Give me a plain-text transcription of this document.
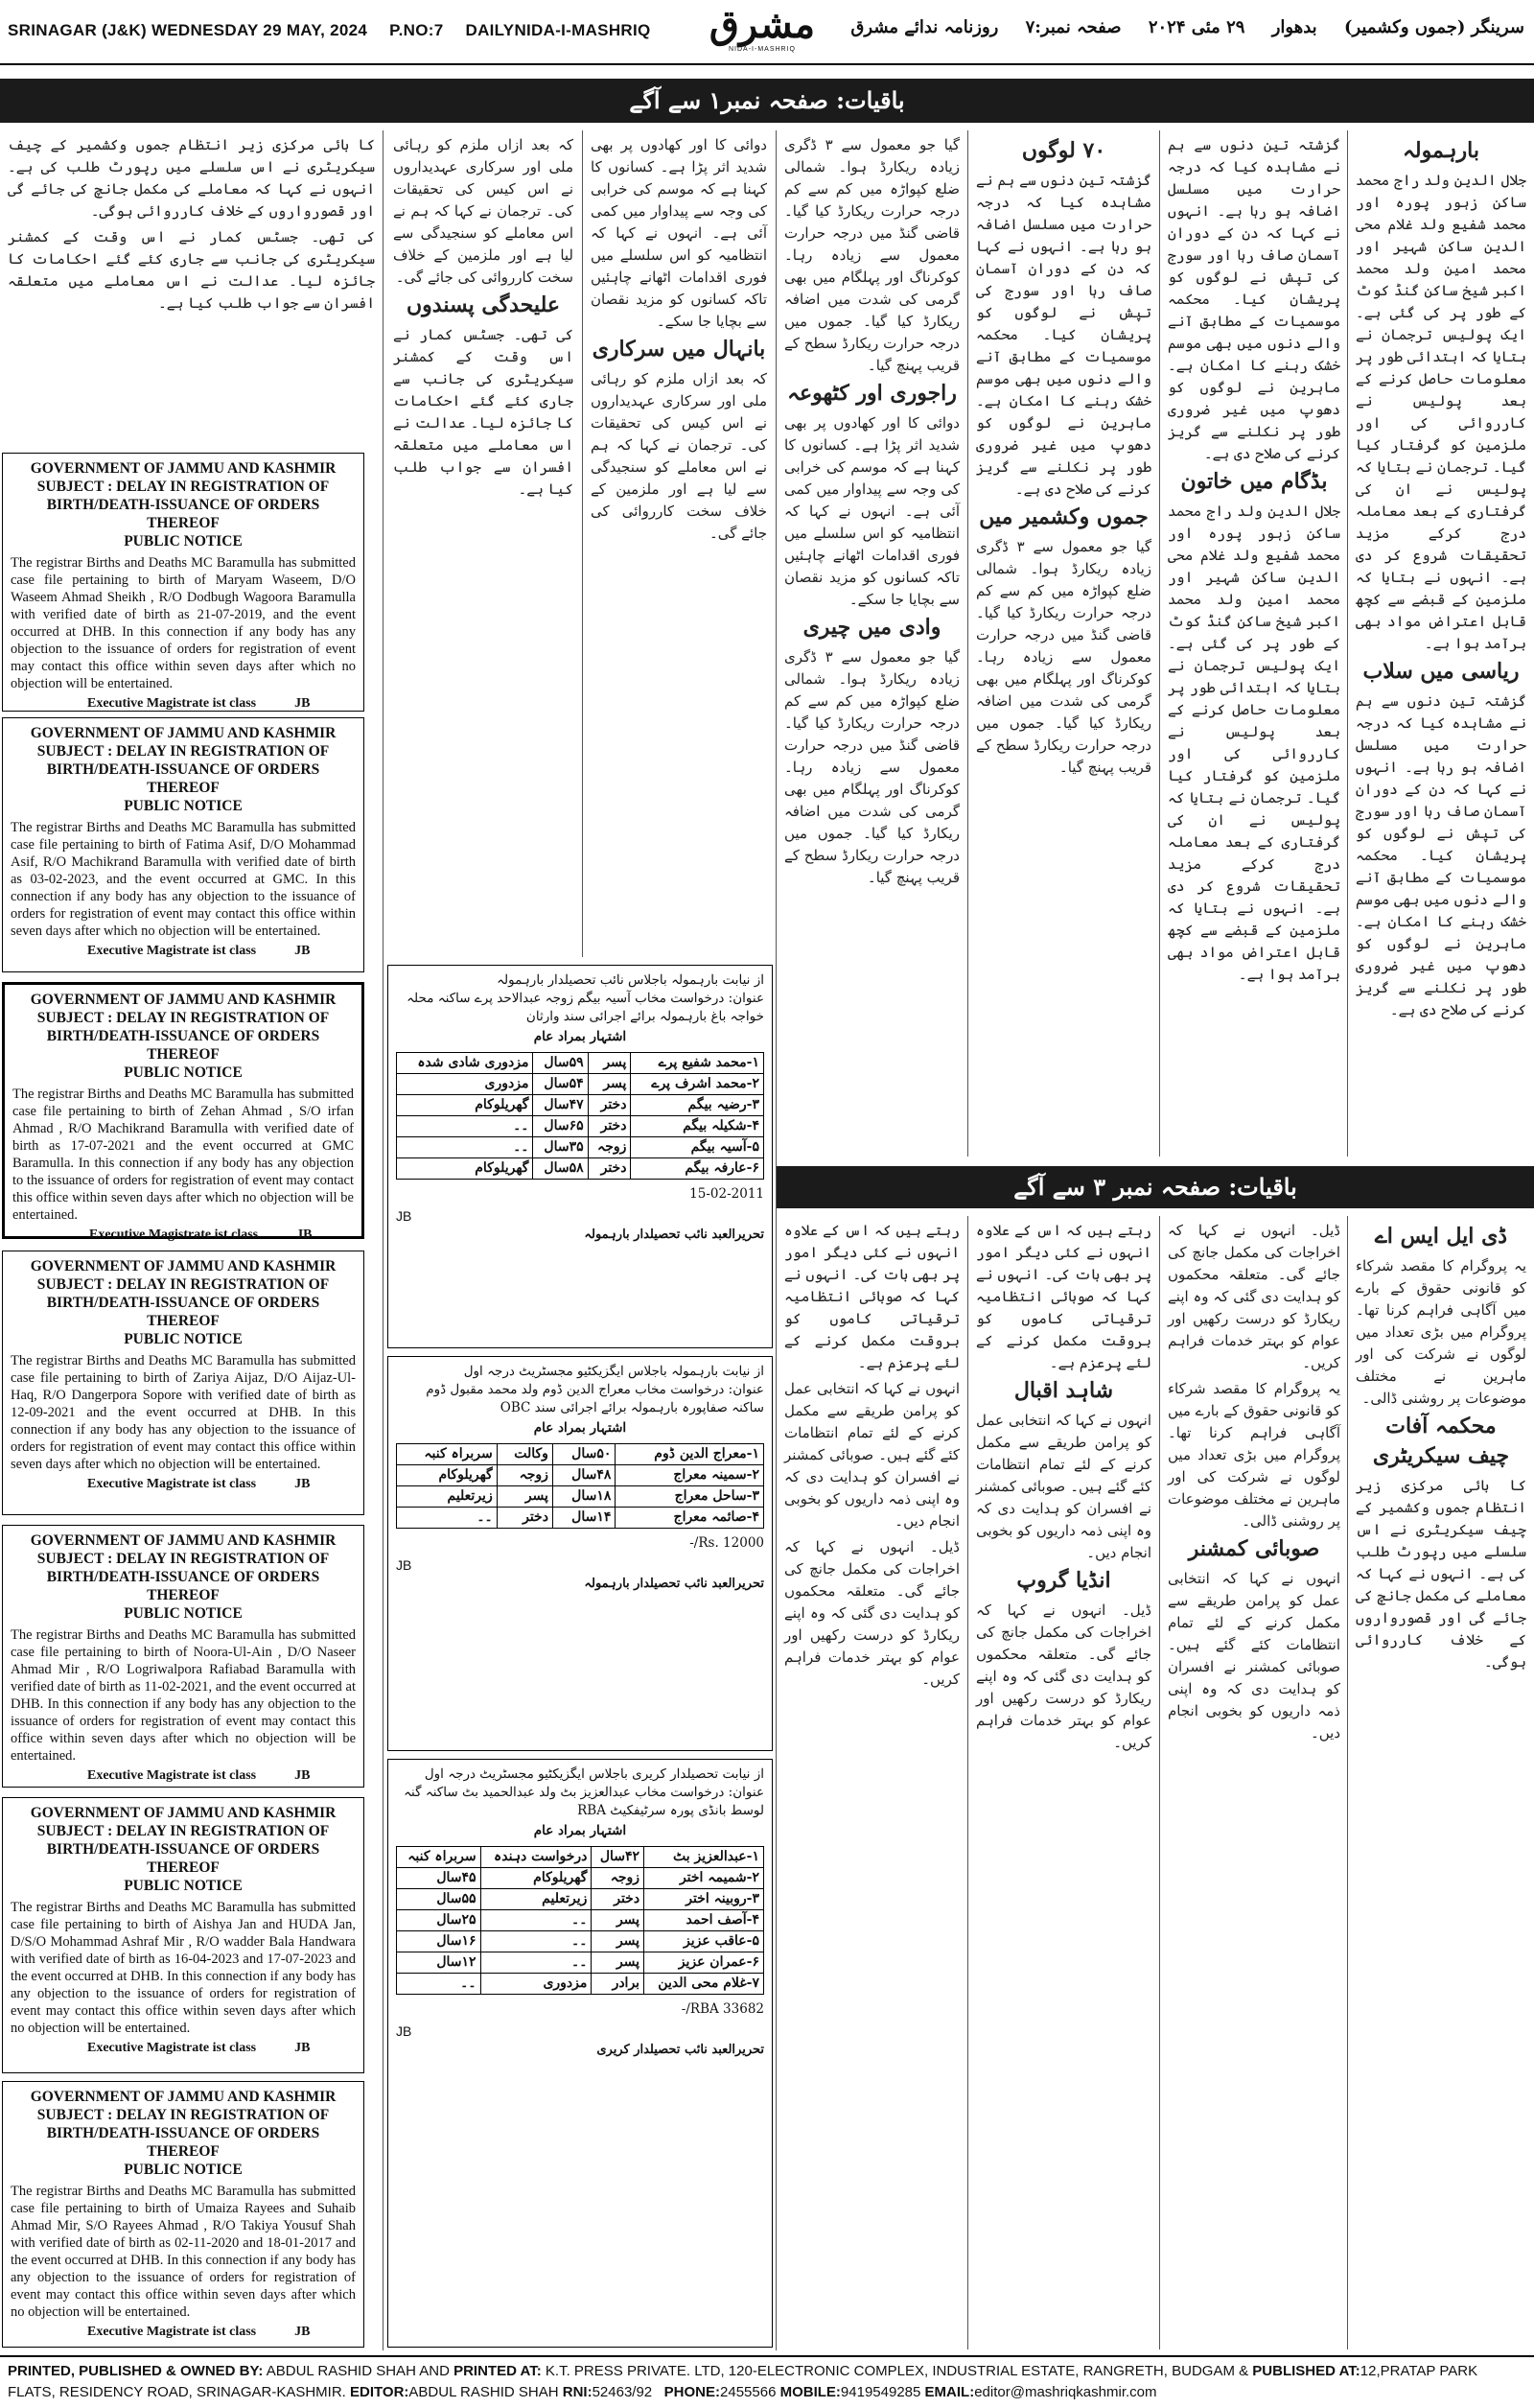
SRINAGAR (J&K) WEDNESDAY 29 MAY, 2024 P.NO:7 DAILYNIDA-I-MASHRIQ	مشرق
NIDA-I-MASHRIQ
سرینگر (جموں وکشمیر) بدھوار ۲۹ مئی ۲۰۲۴ صفحہ نمبر:۷ روزنامہ ندائے مشرق
باقیات: صفحہ نمبر۱ سے آگے
بارہمولہ

جلال الدین ولد راج محمد ساکن زہور پورہ اور محمد شفیع ولد غلام محی الدین ساکن شہیر اور محمد امین ولد محمد اکبر شیخ ساکن گنڈ کوٹ کے طور پر کی گئی ہے۔ ایک پولیس ترجمان نے بتایا کہ ابتدائی طور پر معلومات حاصل کرنے کے بعد پولیس نے کارروائی کی اور ملزمین کو گرفتار کیا گیا۔ ترجمان نے بتایا کہ پولیس نے ان کی گرفتاری کے بعد معاملہ درج کرکے مزید تحقیقات شروع کر دی ہے۔ انہوں نے بتایا کہ ملزمین کے قبضے سے کچھ قابل اعتراض مواد بھی برآمد ہوا ہے۔

ریاسی میں سلاب

گزشتہ تین دنوں سے ہم نے مشاہدہ کیا کہ درجہ حرارت میں مسلسل اضافہ ہو رہا ہے۔ انہوں نے کہا کہ دن کے دوران آسمان صاف رہا اور سورج کی تپش نے لوگوں کو پریشان کیا۔ محکمہ موسمیات کے مطابق آنے والے دنوں میں بھی موسم خشک رہنے کا امکان ہے۔ ماہرین نے لوگوں کو دھوپ میں غیر ضروری طور پر نکلنے سے گریز کرنے کی صلاح دی ہے۔

گزشتہ تین دنوں سے ہم نے مشاہدہ کیا کہ درجہ حرارت میں مسلسل اضافہ ہو رہا ہے۔ انہوں نے کہا کہ دن کے دوران آسمان صاف رہا اور سورج کی تپش نے لوگوں کو پریشان کیا۔ محکمہ موسمیات کے مطابق آنے والے دنوں میں بھی موسم خشک رہنے کا امکان ہے۔ ماہرین نے لوگوں کو دھوپ میں غیر ضروری طور پر نکلنے سے گریز کرنے کی صلاح دی ہے۔

بڈگام میں خاتون

جلال الدین ولد راج محمد ساکن زہور پورہ اور محمد شفیع ولد غلام محی الدین ساکن شہیر اور محمد امین ولد محمد اکبر شیخ ساکن گنڈ کوٹ کے طور پر کی گئی ہے۔ ایک پولیس ترجمان نے بتایا کہ ابتدائی طور پر معلومات حاصل کرنے کے بعد پولیس نے کارروائی کی اور ملزمین کو گرفتار کیا گیا۔ ترجمان نے بتایا کہ پولیس نے ان کی گرفتاری کے بعد معاملہ درج کرکے مزید تحقیقات شروع کر دی ہے۔ انہوں نے بتایا کہ ملزمین کے قبضے سے کچھ قابل اعتراض مواد بھی برآمد ہوا ہے۔

۷۰ لوگوں

گزشتہ تین دنوں سے ہم نے مشاہدہ کیا کہ درجہ حرارت میں مسلسل اضافہ ہو رہا ہے۔ انہوں نے کہا کہ دن کے دوران آسمان صاف رہا اور سورج کی تپش نے لوگوں کو پریشان کیا۔ محکمہ موسمیات کے مطابق آنے والے دنوں میں بھی موسم خشک رہنے کا امکان ہے۔ ماہرین نے لوگوں کو دھوپ میں غیر ضروری طور پر نکلنے سے گریز کرنے کی صلاح دی ہے۔

جموں وکشمیر میں

گیا جو معمول سے ۳ ڈگری زیادہ ریکارڈ ہوا۔ شمالی ضلع کپواڑہ میں کم سے کم درجہ حرارت ریکارڈ کیا گیا۔ قاضی گنڈ میں درجہ حرارت معمول سے زیادہ رہا۔ کوکرناگ اور پہلگام میں بھی گرمی کی شدت میں اضافہ ریکارڈ کیا گیا۔ جموں میں درجہ حرارت ریکارڈ سطح کے قریب پہنچ گیا۔

گیا جو معمول سے ۳ ڈگری زیادہ ریکارڈ ہوا۔ شمالی ضلع کپواڑہ میں کم سے کم درجہ حرارت ریکارڈ کیا گیا۔ قاضی گنڈ میں درجہ حرارت معمول سے زیادہ رہا۔ کوکرناگ اور پہلگام میں بھی گرمی کی شدت میں اضافہ ریکارڈ کیا گیا۔ جموں میں درجہ حرارت ریکارڈ سطح کے قریب پہنچ گیا۔

راجوری اور کٹھوعہ

دوائی کا اور کھادوں پر بھی شدید اثر پڑا ہے۔ کسانوں کا کہنا ہے کہ موسم کی خرابی کی وجہ سے پیداوار میں کمی آئی ہے۔ انہوں نے کہا کہ انتظامیہ کو اس سلسلے میں فوری اقدامات اٹھانے چاہئیں تاکہ کسانوں کو مزید نقصان سے بچایا جا سکے۔

وادی میں چیری

گیا جو معمول سے ۳ ڈگری زیادہ ریکارڈ ہوا۔ شمالی ضلع کپواڑہ میں کم سے کم درجہ حرارت ریکارڈ کیا گیا۔ قاضی گنڈ میں درجہ حرارت معمول سے زیادہ رہا۔ کوکرناگ اور پہلگام میں بھی گرمی کی شدت میں اضافہ ریکارڈ کیا گیا۔ جموں میں درجہ حرارت ریکارڈ سطح کے قریب پہنچ گیا۔

دوائی کا اور کھادوں پر بھی شدید اثر پڑا ہے۔ کسانوں کا کہنا ہے کہ موسم کی خرابی کی وجہ سے پیداوار میں کمی آئی ہے۔ انہوں نے کہا کہ انتظامیہ کو اس سلسلے میں فوری اقدامات اٹھانے چاہئیں تاکہ کسانوں کو مزید نقصان سے بچایا جا سکے۔

بانہال میں سرکاری

کہ بعد ازاں ملزم کو رہائی ملی اور سرکاری عہدیداروں نے اس کیس کی تحقیقات کی۔ ترجمان نے کہا کہ ہم نے اس معاملے کو سنجیدگی سے لیا ہے اور ملزمین کے خلاف سخت کارروائی کی جائے گی۔

کہ بعد ازاں ملزم کو رہائی ملی اور سرکاری عہدیداروں نے اس کیس کی تحقیقات کی۔ ترجمان نے کہا کہ ہم نے اس معاملے کو سنجیدگی سے لیا ہے اور ملزمین کے خلاف سخت کارروائی کی جائے گی۔

علیحدگی پسندوں

کی تھی۔ جسٹس کمار نے اس وقت کے کمشنر سیکریٹری کی جانب سے جاری کئے گئے احکامات کا جائزہ لیا۔ عدالت نے اس معاملے میں متعلقہ افسران سے جواب طلب کیا ہے۔

کا بائی مرکزی زیر انتظام جموں وکشمیر کے چیف سیکریٹری نے اس سلسلے میں رپورٹ طلب کی ہے۔ انہوں نے کہا کہ معاملے کی مکمل جانچ کی جائے گی اور قصورواروں کے خلاف کارروائی ہوگی۔

کی تھی۔ جسٹس کمار نے اس وقت کے کمشنر سیکریٹری کی جانب سے جاری کئے گئے احکامات کا جائزہ لیا۔ عدالت نے اس معاملے میں متعلقہ افسران سے جواب طلب کیا ہے۔

GOVERNMENT OF JAMMU AND KASHMIR
SUBJECT : DELAY IN REGISTRATION OF BIRTH/DEATH-ISSUANCE OF ORDERS THEREOF
PUBLIC NOTICE
The registrar Births and Deaths MC Baramulla has submitted case file pertaining to birth of Maryam Waseem, D/O Waseem Ahmad Sheikh , R/O Dodbugh Wagoora Baramulla with verified date of birth as 21-07-2019, and the event occurred at DHB. In this connection if any body has any objection to the issuance of orders for registration of event may contact this office within seven days after which no objection will be entertained.
Executive Magistrate ist class	JB
GOVERNMENT OF JAMMU AND KASHMIR
SUBJECT : DELAY IN REGISTRATION OF BIRTH/DEATH-ISSUANCE OF ORDERS THEREOF
PUBLIC NOTICE
The registrar Births and Deaths MC Baramulla has submitted case file pertaining to birth of Fatima Asif, D/O Mohammad Asif, R/O Machikrand Baramulla with verified date of birth as 03-02-2023, and the event occurred at GMC. In this connection if any body has any objection to the issuance of orders for registration of event may contact this office within seven days after which no objection will be entertained.
Executive Magistrate ist class	JB
GOVERNMENT OF JAMMU AND KASHMIR
SUBJECT : DELAY IN REGISTRATION OF BIRTH/DEATH-ISSUANCE OF ORDERS THEREOF
PUBLIC NOTICE
The registrar Births and Deaths MC Baramulla has submitted case file pertaining to birth of Zehan Ahmad , S/O irfan Ahmad , R/O Machikrand Baramulla with verified date of birth as 17-07-2021 and the event occurred at GMC Baramulla. In this connection if any body has any objection to the issuance of orders for registration of event may contact this office within seven days after which no objection will be entertained.
Executive Magistrate ist class	JB
GOVERNMENT OF JAMMU AND KASHMIR
SUBJECT : DELAY IN REGISTRATION OF BIRTH/DEATH-ISSUANCE OF ORDERS THEREOF
PUBLIC NOTICE
The registrar Births and Deaths MC Baramulla has submitted case file pertaining to birth of Zariya Aijaz, D/O Aijaz-Ul-Haq, R/O Dangerpora Sopore with verified date of birth as 12-09-2021 and the event occurred at DHB. In this connection if any body has any objection to the issuance of orders for registration of event may contact this office within seven days after which no objection will be entertained.
Executive Magistrate ist class	JB
GOVERNMENT OF JAMMU AND KASHMIR
SUBJECT : DELAY IN REGISTRATION OF BIRTH/DEATH-ISSUANCE OF ORDERS THEREOF
PUBLIC NOTICE
The registrar Births and Deaths MC Baramulla has submitted case file pertaining to birth of Noora-Ul-Ain , D/O Naseer Ahmad Mir , R/O Logriwalpora Rafiabad Baramulla with verified date of birth as 11-02-2021, and the event occurred at DHB. In this connection if any body has any objection to the issuance of orders for registration of event may contact this office within seven days after which no objection will be entertained.
Executive Magistrate ist class	JB
GOVERNMENT OF JAMMU AND KASHMIR
SUBJECT : DELAY IN REGISTRATION OF BIRTH/DEATH-ISSUANCE OF ORDERS THEREOF
PUBLIC NOTICE
The registrar Births and Deaths MC Baramulla has submitted case file pertaining to birth of Aishya Jan and HUDA Jan, D/S/O Mohammad Ashraf Mir , R/O wadder Bala Handwara with verified date of birth as 16-04-2023 and 17-07-2023 and the event occurred at DHB. In this connection if any body has any objection to the issuance of orders for registration of event may contact this office within seven days after which no objection will be entertained.
Executive Magistrate ist class	JB
GOVERNMENT OF JAMMU AND KASHMIR
SUBJECT : DELAY IN REGISTRATION OF BIRTH/DEATH-ISSUANCE OF ORDERS THEREOF
PUBLIC NOTICE
The registrar Births and Deaths MC Baramulla has submitted case file pertaining to birth of Umaiza Rayees and Suhaib Ahmad Mir, S/O Rayees Ahmad , R/O Takiya Yousuf Shah with verified date of birth as 02-11-2020 and 18-01-2017 and the event occurred at DHB. In this connection if any body has any objection to the issuance of orders for registration of event may contact this office within seven days after which no objection will be entertained.
Executive Magistrate ist class	JB
از نیابت بارہمولہ باجلاس نائب تحصیلدار بارہمولہ
عنوان: درخواست مخاب آسیہ بیگم زوجہ عبدالاحد پرے ساکنہ محلہ خواجہ باغ بارہمولہ برائے اجرائی سند وارثان
اشتہار بمراد عام
۱-محمد شفیع پرے	پسر	۵۹سال	مزدوری شادی شدہ
۲-محمد اشرف پرے	پسر	۵۴سال	مزدوری
۳-رضیہ بیگم	دختر	۴۷سال	گھریلوکام
۴-شکیلہ بیگم	دختر	۶۵سال	۔۔
۵-آسیہ بیگم	زوجہ	۳۵سال	۔۔
۶-عارفہ بیگم	دختر	۵۸سال	گھریلوکام
15-02-2011
JB
تحریرالعبد نائب تحصیلدار بارہمولہ
از نیابت بارہمولہ باجلاس ایگزیکٹیو مجسٹریٹ درجہ اول
عنوان: درخواست مخاب معراج الدین ڈوم ولد محمد مقبول ڈوم ساکنہ صفاپورہ بارہمولہ برائے اجرائی سند OBC
اشتہار بمراد عام
۱-معراج الدین ڈوم	۵۰سال	وکالت	سربراہ کنبہ
۲-سمینہ معراج	۴۸سال	زوجہ	گھریلوکام
۳-ساحل معراج	۱۸سال	پسر	زیرتعلیم
۴-صائمہ معراج	۱۴سال	دختر	۔۔
Rs. 12000/-
JB
تحریرالعبد نائب تحصیلدار بارہمولہ
از نیابت تحصیلدار کریری باجلاس ایگزیکٹیو مجسٹریٹ درجہ اول
عنوان: درخواست مخاب عبدالعزیز بٹ ولد عبدالحمید بٹ ساکنہ گنہ لوسط بانڈی پورہ سرٹیفکیٹ RBA
اشتہار بمراد عام
۱-عبدالعزیز بٹ	۴۲سال	درخواست دہندہ	سربراہ کنبہ
۲-شمیمہ اختر	زوجہ	گھریلوکام	۴۵سال
۳-روبینہ اختر	دختر	زیرتعلیم	۵۵سال
۴-آصف احمد	پسر	۔۔	۲۵سال
۵-عاقب عزیز	پسر	۔۔	۱۶سال
۶-عمران عزیز	پسر	۔۔	۱۲سال
۷-غلام محی الدین	برادر	مزدوری	۔۔
RBA 33682/-
JB
تحریرالعبد نائب تحصیلدار کریری
باقیات: صفحہ نمبر ۳ سے آگے
ڈی ایل ایس اے

یہ پروگرام کا مقصد شرکاء کو قانونی حقوق کے بارے میں آگاہی فراہم کرنا تھا۔ پروگرام میں بڑی تعداد میں لوگوں نے شرکت کی اور ماہرین نے مختلف موضوعات پر روشنی ڈالی۔

محکمہ آفات
چیف سیکریٹری

کا بائی مرکزی زیر انتظام جموں وکشمیر کے چیف سیکریٹری نے اس سلسلے میں رپورٹ طلب کی ہے۔ انہوں نے کہا کہ معاملے کی مکمل جانچ کی جائے گی اور قصورواروں کے خلاف کارروائی ہوگی۔

ڈیل۔ انہوں نے کہا کہ اخراجات کی مکمل جانچ کی جائے گی۔ متعلقہ محکموں کو ہدایت دی گئی کہ وہ اپنے ریکارڈ کو درست رکھیں اور عوام کو بہتر خدمات فراہم کریں۔

یہ پروگرام کا مقصد شرکاء کو قانونی حقوق کے بارے میں آگاہی فراہم کرنا تھا۔ پروگرام میں بڑی تعداد میں لوگوں نے شرکت کی اور ماہرین نے مختلف موضوعات پر روشنی ڈالی۔

صوبائی کمشنر

انہوں نے کہا کہ انتخابی عمل کو پرامن طریقے سے مکمل کرنے کے لئے تمام انتظامات کئے گئے ہیں۔ صوبائی کمشنر نے افسران کو ہدایت دی کہ وہ اپنی ذمہ داریوں کو بخوبی انجام دیں۔

رہتے ہیں کہ اس کے علاوہ انہوں نے کئی دیگر امور پر بھی بات کی۔ انہوں نے کہا کہ صوبائی انتظامیہ ترقیاتی کاموں کو بروقت مکمل کرنے کے لئے پرعزم ہے۔

شاہد اقبال

انہوں نے کہا کہ انتخابی عمل کو پرامن طریقے سے مکمل کرنے کے لئے تمام انتظامات کئے گئے ہیں۔ صوبائی کمشنر نے افسران کو ہدایت دی کہ وہ اپنی ذمہ داریوں کو بخوبی انجام دیں۔

انڈیا گروپ

ڈیل۔ انہوں نے کہا کہ اخراجات کی مکمل جانچ کی جائے گی۔ متعلقہ محکموں کو ہدایت دی گئی کہ وہ اپنے ریکارڈ کو درست رکھیں اور عوام کو بہتر خدمات فراہم کریں۔

رہتے ہیں کہ اس کے علاوہ انہوں نے کئی دیگر امور پر بھی بات کی۔ انہوں نے کہا کہ صوبائی انتظامیہ ترقیاتی کاموں کو بروقت مکمل کرنے کے لئے پرعزم ہے۔

انہوں نے کہا کہ انتخابی عمل کو پرامن طریقے سے مکمل کرنے کے لئے تمام انتظامات کئے گئے ہیں۔ صوبائی کمشنر نے افسران کو ہدایت دی کہ وہ اپنی ذمہ داریوں کو بخوبی انجام دیں۔

ڈیل۔ انہوں نے کہا کہ اخراجات کی مکمل جانچ کی جائے گی۔ متعلقہ محکموں کو ہدایت دی گئی کہ وہ اپنے ریکارڈ کو درست رکھیں اور عوام کو بہتر خدمات فراہم کریں۔

PRINTED, PUBLISHED & OWNED BY: ABDUL RASHID SHAH AND PRINTED AT: K.T. PRESS PRIVATE. LTD, 120-ELECTRONIC COMPLEX, INDUSTRIAL ESTATE, RANGRETH, BUDGAM & PUBLISHED AT:12,PRATAP PARK
FLATS, RESIDENCY ROAD, SRINAGAR-KASHMIR. EDITOR:ABDUL RASHID SHAH RNI:52463/92 PHONE:2455566 MOBILE:9419549285 EMAIL:editor@mashriqkashmir.com
